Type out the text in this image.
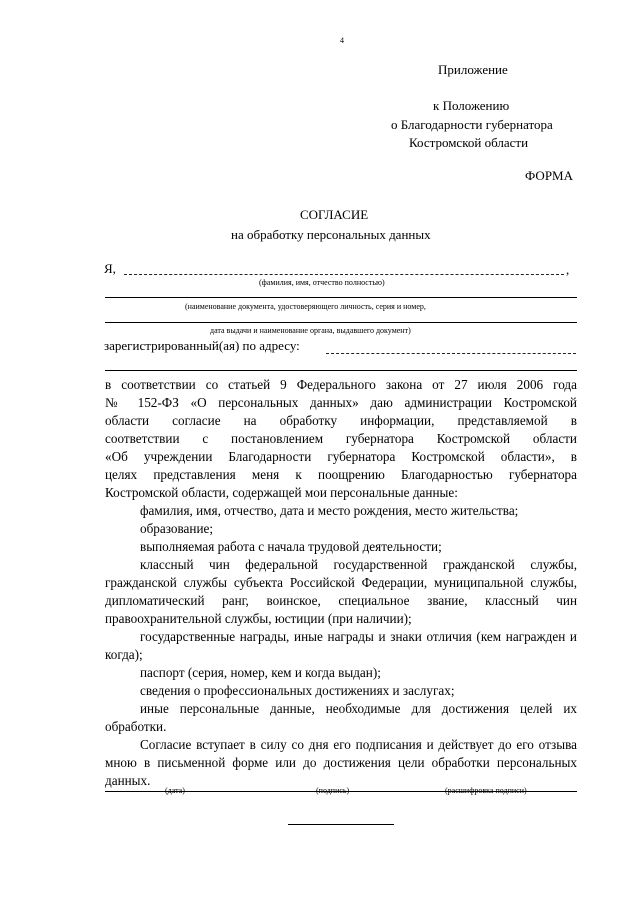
4
Приложение
к Положению
о Благодарности губернатора
Костромской области
ФОРМА
СОГЛАСИЕ
на обработку персональных данных
Я,	,
(фамилия, имя, отчество полностью)
(наименование документа, удостоверяющего личность, серия и номер,
дата выдачи и наименование органа, выдавшего документ)
зарегистрированный(ая) по адресу:
в соответствии со статьей 9 Федерального закона от 27 июля 2006 года
№ 152-ФЗ «О персональных данных» даю администрации Костромской
области согласие на обработку информации, представляемой в
соответствии с постановлением губернатора Костромской области
«Об учреждении Благодарности губернатора Костромской области», в
целях представления меня к поощрению Благодарностью губернатора
Костромской области, содержащей мои персональные данные:
фамилия, имя, отчество, дата и место рождения, место жительства;
образование;
выполняемая работа с начала трудовой деятельности;
классный чин федеральной государственной гражданской службы, гражданской службы субъекта Российской Федерации, муниципальной службы, дипломатический ранг, воинское, специальное звание, классный чин правоохранительной службы, юстиции (при наличии);
государственные награды, иные награды и знаки отличия (кем награжден и когда);
паспорт (серия, номер, кем и когда выдан);
сведения о профессиональных достижениях и заслугах;
иные персональные данные, необходимые для достижения целей их обработки.
Согласие вступает в силу со дня его подписания и действует до его отзыва мною в письменной форме или до достижения цели обработки персональных данных.
(дата)	(подпись)	(расшифровка подписи)
